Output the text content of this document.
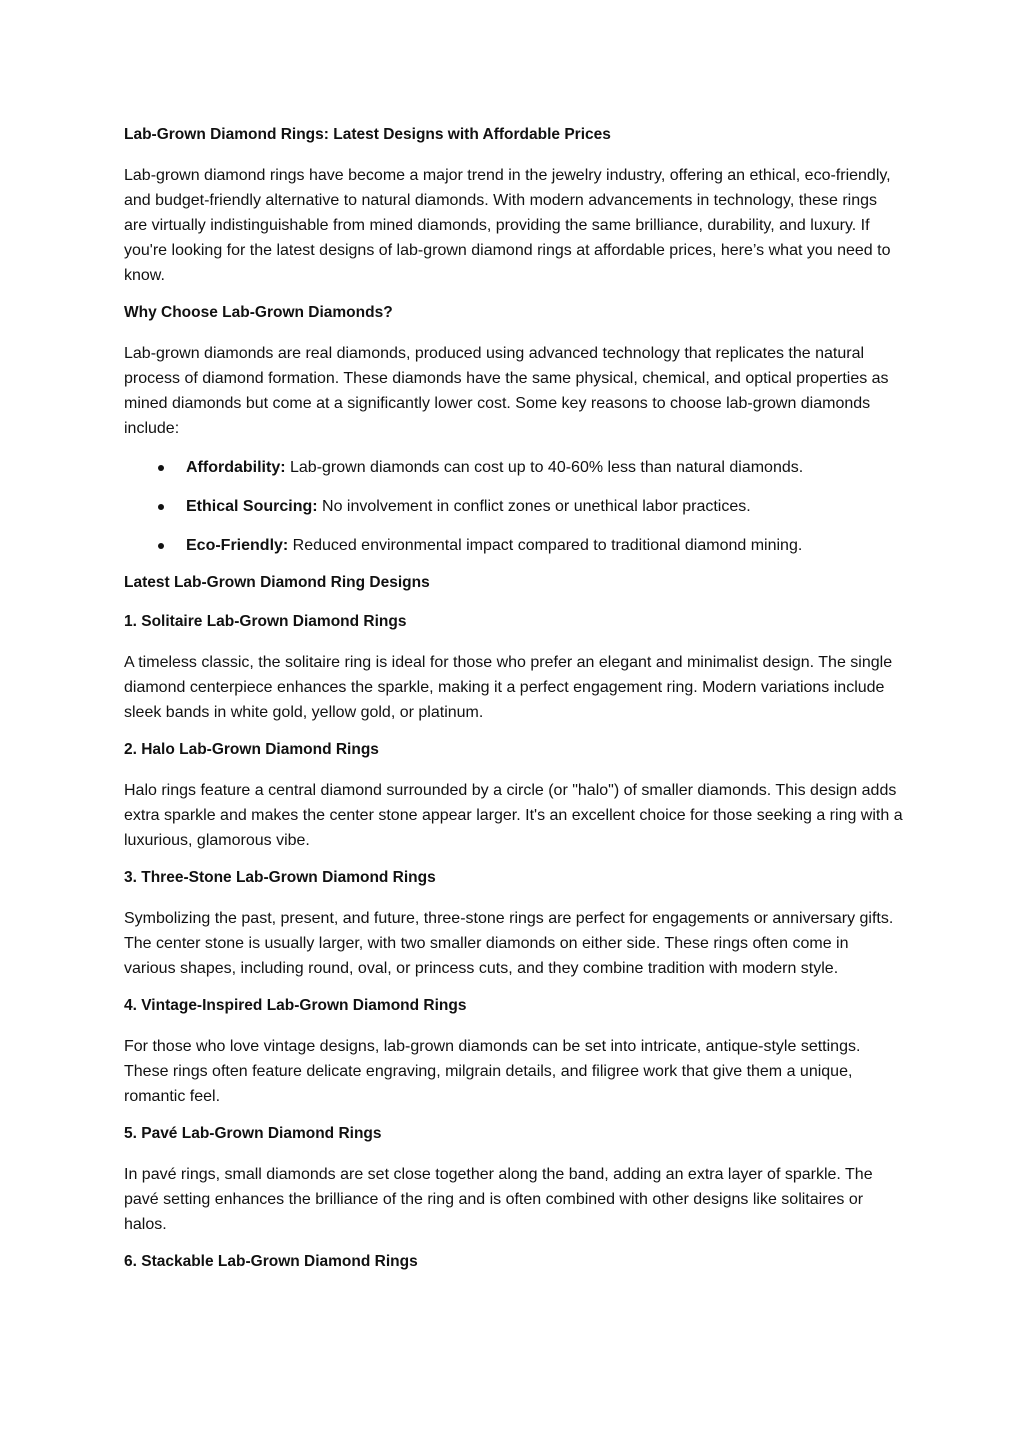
Lab-Grown Diamond Rings: Latest Designs with Affordable Prices
Lab-grown diamond rings have become a major trend in the jewelry industry, offering an ethical, eco-friendly, and budget-friendly alternative to natural diamonds. With modern advancements in technology, these rings are virtually indistinguishable from mined diamonds, providing the same brilliance, durability, and luxury. If you're looking for the latest designs of lab-grown diamond rings at affordable prices, here’s what you need to know.
Why Choose Lab-Grown Diamonds?
Lab-grown diamonds are real diamonds, produced using advanced technology that replicates the natural process of diamond formation. These diamonds have the same physical, chemical, and optical properties as mined diamonds but come at a significantly lower cost. Some key reasons to choose lab-grown diamonds include:
Affordability: Lab-grown diamonds can cost up to 40-60% less than natural diamonds.
Ethical Sourcing: No involvement in conflict zones or unethical labor practices.
Eco-Friendly: Reduced environmental impact compared to traditional diamond mining.
Latest Lab-Grown Diamond Ring Designs
1. Solitaire Lab-Grown Diamond Rings
A timeless classic, the solitaire ring is ideal for those who prefer an elegant and minimalist design. The single diamond centerpiece enhances the sparkle, making it a perfect engagement ring. Modern variations include sleek bands in white gold, yellow gold, or platinum.
2. Halo Lab-Grown Diamond Rings
Halo rings feature a central diamond surrounded by a circle (or "halo") of smaller diamonds. This design adds extra sparkle and makes the center stone appear larger. It's an excellent choice for those seeking a ring with a luxurious, glamorous vibe.
3. Three-Stone Lab-Grown Diamond Rings
Symbolizing the past, present, and future, three-stone rings are perfect for engagements or anniversary gifts. The center stone is usually larger, with two smaller diamonds on either side. These rings often come in various shapes, including round, oval, or princess cuts, and they combine tradition with modern style.
4. Vintage-Inspired Lab-Grown Diamond Rings
For those who love vintage designs, lab-grown diamonds can be set into intricate, antique-style settings. These rings often feature delicate engraving, milgrain details, and filigree work that give them a unique, romantic feel.
5. Pavé Lab-Grown Diamond Rings
In pavé rings, small diamonds are set close together along the band, adding an extra layer of sparkle. The pavé setting enhances the brilliance of the ring and is often combined with other designs like solitaires or halos.
6. Stackable Lab-Grown Diamond Rings
